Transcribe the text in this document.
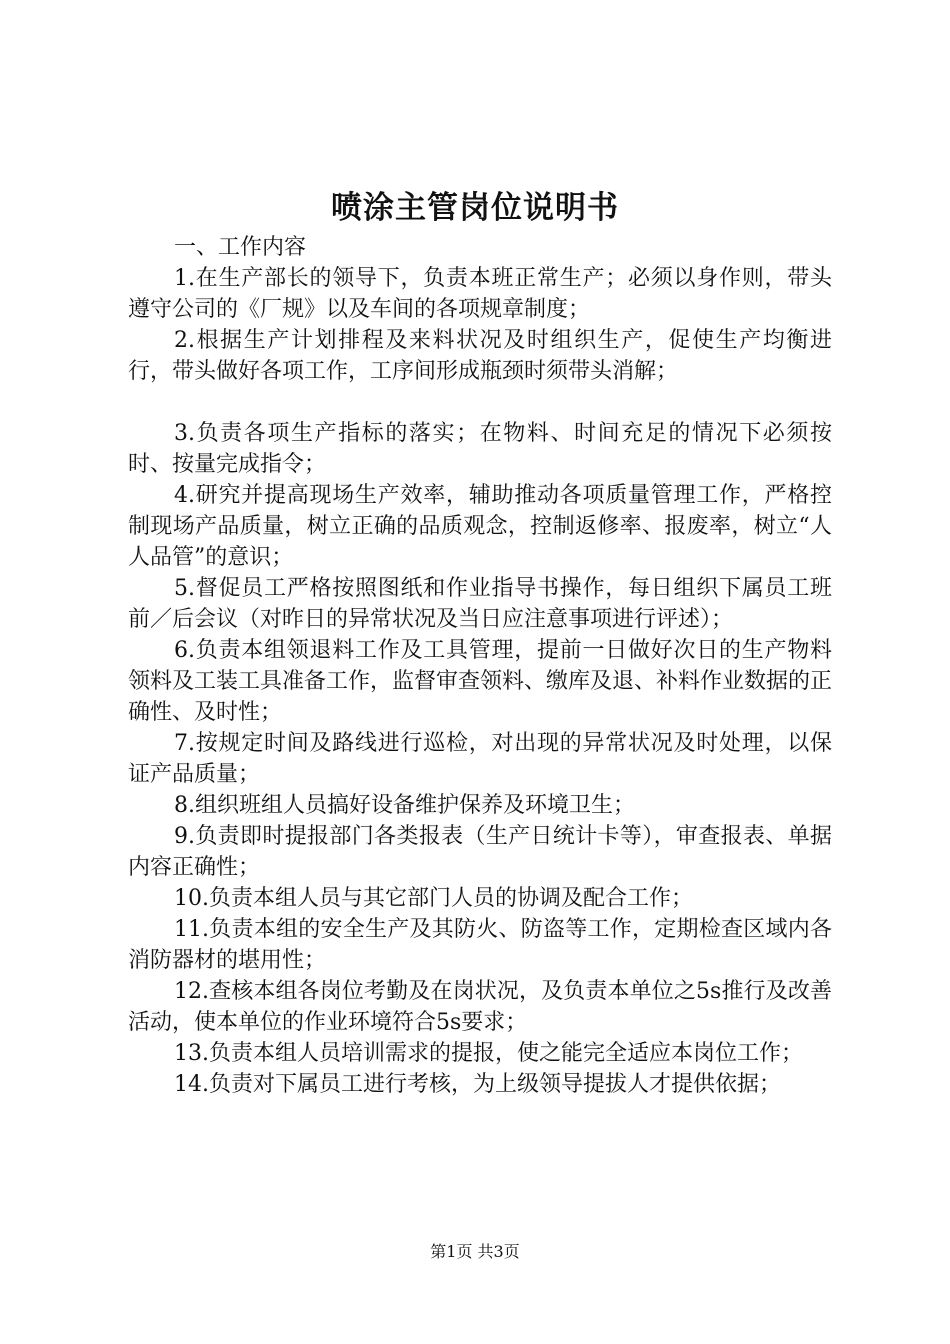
喷涂主管岗位说明书

一、工作内容

1.在生产部长的领导下，负责本班正常生产；必须以身作则，带头遵守公司的《厂规》以及车间的各项规章制度；

2.根据生产计划排程及来料状况及时组织生产，促使生产均衡进行，带头做好各项工作，工序间形成瓶颈时须带头消解；

3.负责各项生产指标的落实；在物料、时间充足的情况下必须按时、按量完成指令；

4.研究并提高现场生产效率，辅助推动各项质量管理工作，严格控制现场产品质量，树立正确的品质观念，控制返修率、报废率，树立“人人品管”的意识；

5.督促员工严格按照图纸和作业指导书操作，每日组织下属员工班前／后会议（对昨日的异常状况及当日应注意事项进行评述）；

6.负责本组领退料工作及工具管理，提前一日做好次日的生产物料领料及工装工具准备工作，监督审查领料、缴库及退、补料作业数据的正确性、及时性；

7.按规定时间及路线进行巡检，对出现的异常状况及时处理，以保证产品质量；

8.组织班组人员搞好设备维护保养及环境卫生；

9.负责即时提报部门各类报表（生产日统计卡等），审查报表、单据内容正确性；

10.负责本组人员与其它部门人员的协调及配合工作；

11.负责本组的安全生产及其防火、防盗等工作，定期检查区域内各消防器材的堪用性；

12.查核本组各岗位考勤及在岗状况，及负责本单位之5s推行及改善活动，使本单位的作业环境符合5s要求；

13.负责本组人员培训需求的提报，使之能完全适应本岗位工作；

14.负责对下属员工进行考核，为上级领导提拔人才提供依据；

第1页 共3页
